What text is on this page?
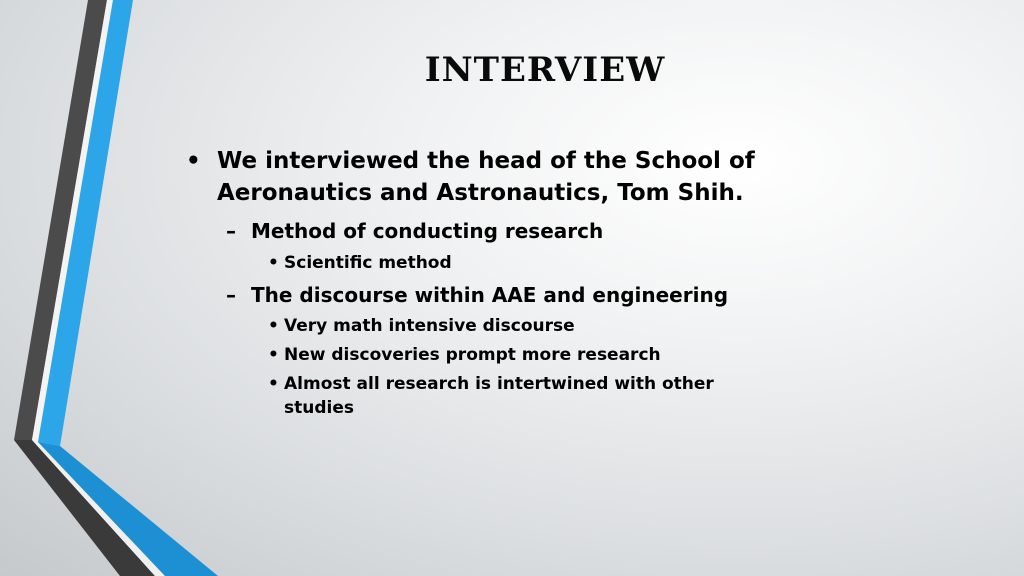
INTERVIEW
• We interviewed the head of the School of
Aeronautics and Astronautics, Tom Shih.
– Method of conducting research
• Scientific method
– The discourse within AAE and engineering
• Very math intensive discourse
• New discoveries prompt more research
• Almost all research is intertwined with other
studies
